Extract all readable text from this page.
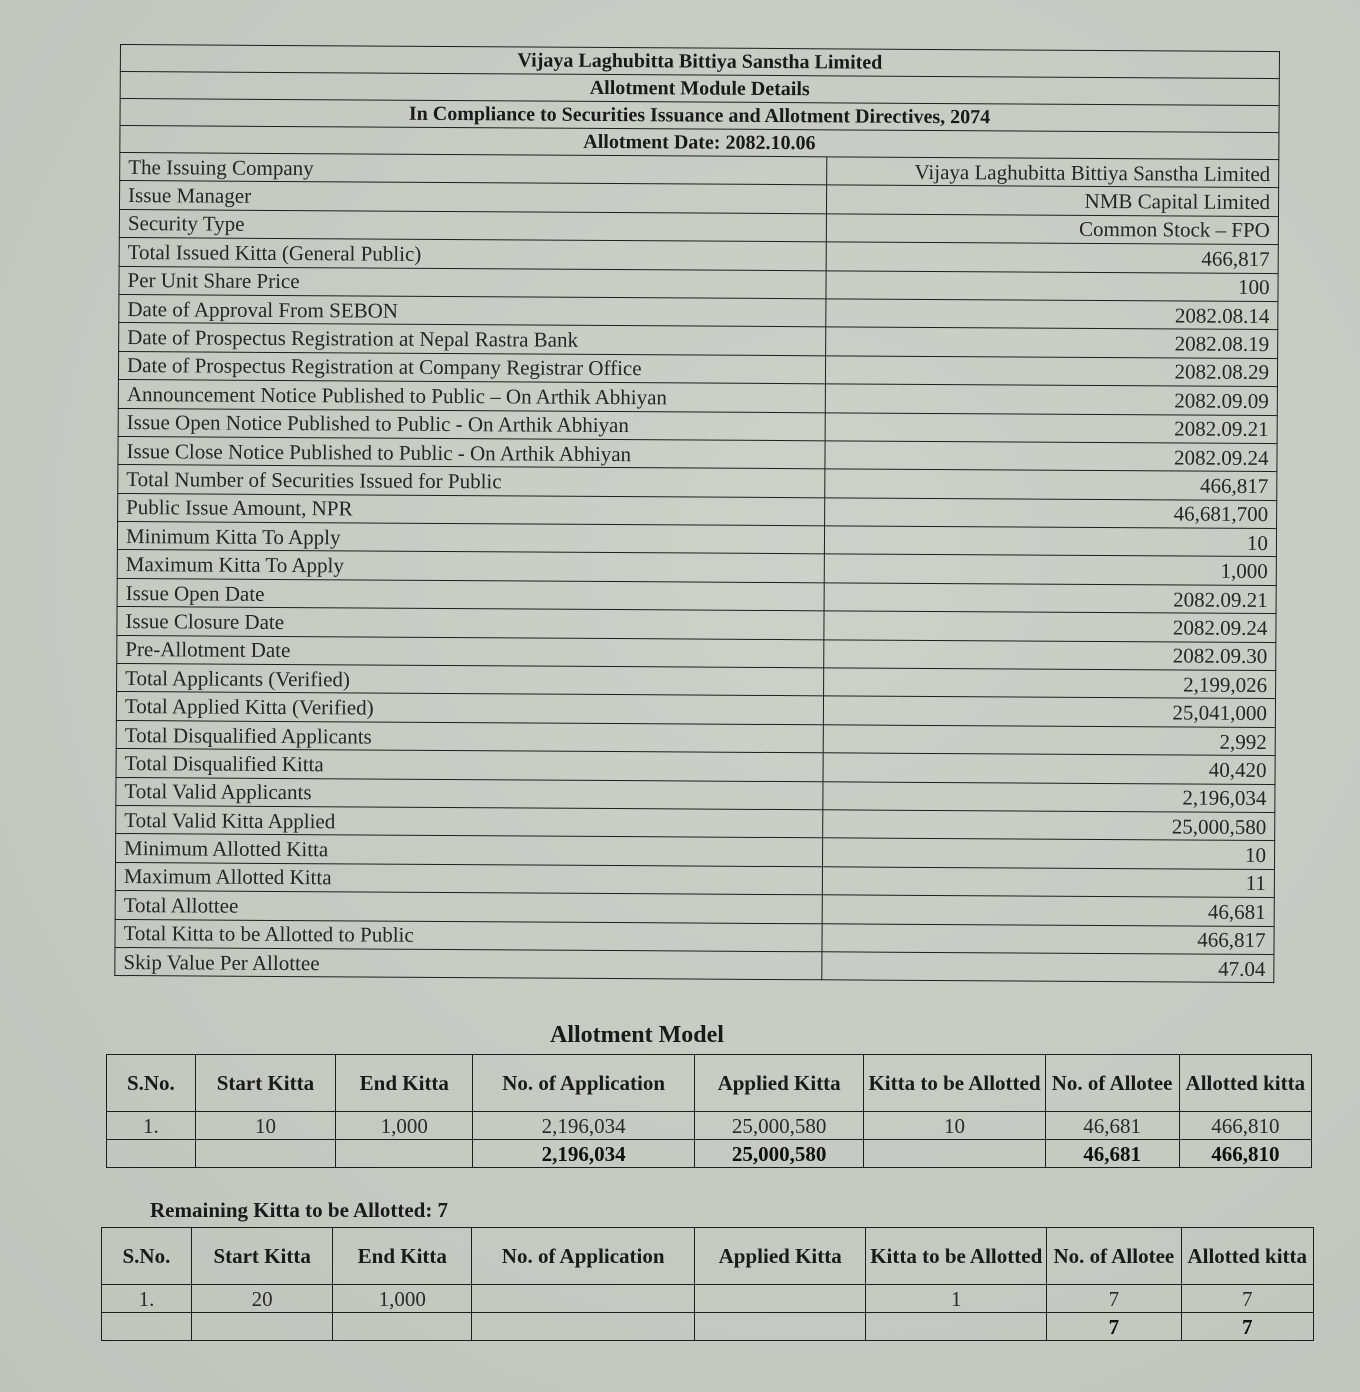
Vijaya Laghubitta Bittiya Sanstha Limited	
Allotment Module Details	
In Compliance to Securities Issuance and Allotment Directives, 2074	
Allotment Date: 2082.10.06	
The Issuing Company	Vijaya Laghubitta Bittiya Sanstha Limited
Issue Manager	NMB Capital Limited
Security Type	Common Stock – FPO
Total Issued Kitta (General Public)	466,817
Per Unit Share Price	100
Date of Approval From SEBON	2082.08.14
Date of Prospectus Registration at Nepal Rastra Bank	2082.08.19
Date of Prospectus Registration at Company Registrar Office	2082.08.29
Announcement Notice Published to Public – On Arthik Abhiyan	2082.09.09
Issue Open Notice Published to Public - On Arthik Abhiyan	2082.09.21
Issue Close Notice Published to Public - On Arthik Abhiyan	2082.09.24
Total Number of Securities Issued for Public	466,817
Public Issue Amount, NPR	46,681,700
Minimum Kitta To Apply	10
Maximum Kitta To Apply	1,000
Issue Open Date	2082.09.21
Issue Closure Date	2082.09.24
Pre-Allotment Date	2082.09.30
Total Applicants (Verified)	2,199,026
Total Applied Kitta (Verified)	25,041,000
Total Disqualified Applicants	2,992
Total Disqualified Kitta	40,420
Total Valid Applicants	2,196,034
Total Valid Kitta Applied	25,000,580
Minimum Allotted Kitta	10
Maximum Allotted Kitta	11
Total Allottee	46,681
Total Kitta to be Allotted to Public	466,817
Skip Value Per Allottee	47.04
Allotment Model
S.No.	Start Kitta	End Kitta	No. of Application	Applied Kitta	Kitta to be Allotted	No. of Allotee	Allotted kitta
1.	10	1,000	2,196,034	25,000,580	10	46,681	466,810
			2,196,034	25,000,580		46,681	466,810
Remaining Kitta to be Allotted: 7
S.No.	Start Kitta	End Kitta	No. of Application	Applied Kitta	Kitta to be Allotted	No. of Allotee	Allotted kitta
1.	20	1,000			1	7	7
						7	7
